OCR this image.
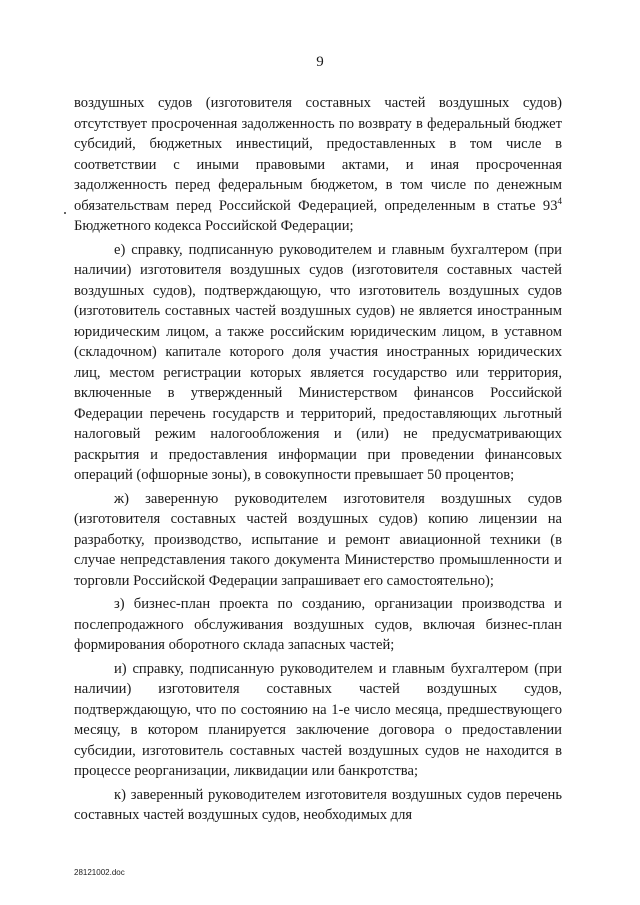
9

воздушных судов (изготовителя составных частей воздушных судов) отсутствует просроченная задолженность по возврату в федеральный бюджет субсидий, бюджетных инвестиций, предоставленных в том числе в соответствии с иными правовыми актами, и иная просроченная задолженность перед федеральным бюджетом, в том числе по денежным обязательствам перед Российской Федерацией, определенным в статье $93^4$ Бюджетного кодекса Российской Федерации;

е) справку, подписанную руководителем и главным бухгалтером (при наличии) изготовителя воздушных судов (изготовителя составных частей воздушных судов), подтверждающую, что изготовитель воздушных судов (изготовитель составных частей воздушных судов) не является иностранным юридическим лицом, а также российским юридическим лицом, в уставном (складочном) капитале которого доля участия иностранных юридических лиц, местом регистрации которых является государство или территория, включенные в утвержденный Министерством финансов Российской Федерации перечень государств и территорий, предоставляющих льготный налоговый режим налогообложения и (или) не предусматривающих раскрытия и предоставления информации при проведении финансовых операций (офшорные зоны), в совокупности превышает 50 процентов;

ж) заверенную руководителем изготовителя воздушных судов (изготовителя составных частей воздушных судов) копию лицензии на разработку, производство, испытание и ремонт авиационной техники (в случае непредставления такого документа Министерство промышленности и торговли Российской Федерации запрашивает его самостоятельно);

з) бизнес-план проекта по созданию, организации производства и послепродажного обслуживания воздушных судов, включая бизнес-план формирования оборотного склада запасных частей;

и) справку, подписанную руководителем и главным бухгалтером (при наличии) изготовителя составных частей воздушных судов, подтверждающую, что по состоянию на 1-е число месяца, предшествующего месяцу, в котором планируется заключение договора о предоставлении субсидии, изготовитель составных частей воздушных судов не находится в процессе реорганизации, ликвидации или банкротства;

к) заверенный руководителем изготовителя воздушных судов перечень составных частей воздушных судов, необходимых для

28121002.doc
